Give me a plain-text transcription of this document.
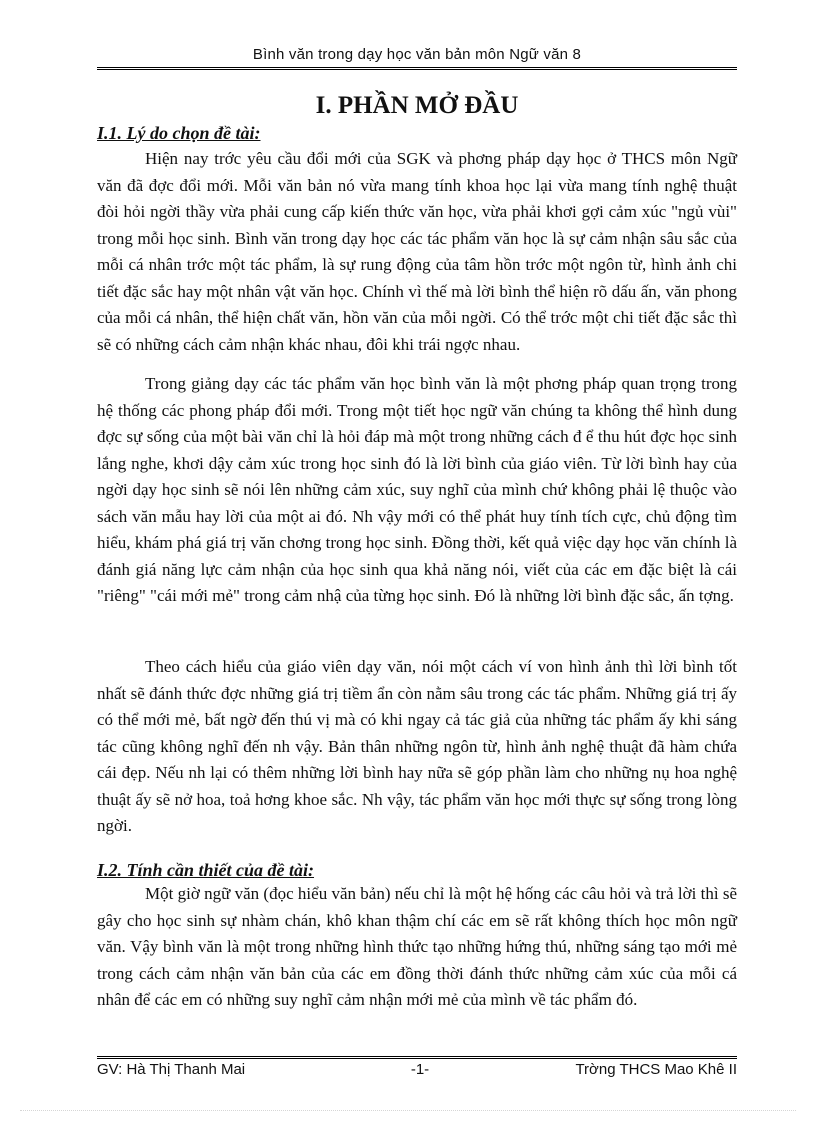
Bình văn trong dạy học văn bản môn Ngữ văn 8
I. PHẦN MỞ ĐẦU
I.1. Lý do chọn đề tài:

Hiện nay trớc yêu cầu đổi mới của SGK và phơng pháp dạy học ở THCS môn Ngữ văn đã đợc đổi mới. Mỗi văn bản nó vừa mang tính khoa học lại vừa mang tính nghệ thuật đòi hỏi ngời thầy vừa phải cung cấp kiến thức văn học, vừa phải khơi gợi cảm xúc "ngủ vùi" trong mỗi học sinh. Bình văn trong dạy học các tác phẩm văn học là sự cảm nhận sâu sắc của mỗi cá nhân trớc một tác phẩm, là sự rung động của tâm hồn trớc một ngôn từ, hình ảnh chi tiết đặc sắc hay một nhân vật văn học. Chính vì thế mà lời bình thể hiện rõ dấu ấn, văn phong của mỗi cá nhân, thể hiện chất văn, hồn văn của mỗi ngời. Có thể trớc một chi tiết đặc sắc thì sẽ có những cách cảm nhận khác nhau, đôi khi trái ngợc nhau.

Trong giảng dạy các tác phẩm văn học bình văn là một phơng pháp quan trọng trong hệ thống các phong pháp đổi mới. Trong một tiết học ngữ văn chúng ta không thể hình dung đợc sự sống của một bài văn chỉ là hỏi đáp mà một trong những cách đ ể thu hút đợc học sinh lắng nghe, khơi dậy cảm xúc trong học sinh đó là lời bình của giáo viên. Từ lời bình hay của ngời dạy học sinh sẽ nói lên những cảm xúc, suy nghĩ của mình chứ không phải lệ thuộc vào sách văn mẫu hay lời của một ai đó. Nh vậy mới có thể phát huy tính tích cực, chủ động tìm hiểu, khám phá giá trị văn chơng trong học sinh. Đồng thời, kết quả việc dạy học văn chính là đánh giá năng lực cảm nhận của học sinh qua khả năng nói, viết của các em đặc biệt là cái "riêng" "cái mới mẻ" trong cảm nhậ của từng học sinh. Đó là những lời bình đặc sắc, ấn tợng.

Theo cách hiểu của giáo viên dạy văn, nói một cách ví von hình ảnh thì lời bình tốt nhất sẽ đánh thức đợc những giá trị tiềm ẩn còn nằm sâu trong các tác phẩm. Những giá trị ấy có thể mới mẻ, bất ngờ đến thú vị mà có khi ngay cả tác giả của những tác phẩm ấy khi sáng tác cũng không nghĩ đến nh vậy. Bản thân những ngôn từ, hình ảnh nghệ thuật đã hàm chứa cái đẹp. Nếu nh lại có thêm những lời bình hay nữa sẽ góp phần làm cho những nụ hoa nghệ thuật ấy sẽ nở hoa, toả hơng khoe sắc. Nh vậy, tác phẩm văn học mới thực sự sống trong lòng ngời.

I.2. Tính cần thiết của đề tài:

Một giờ ngữ văn (đọc hiểu văn bản) nếu chỉ là một hệ hống các câu hỏi và trả lời thì sẽ gây cho học sinh sự nhàm chán, khô khan thậm chí các em sẽ rất không thích học môn ngữ văn. Vậy bình văn là một trong những hình thức tạo những hứng thú, những sáng tạo mới mẻ trong cách cảm nhận văn bản của các em đồng thời đánh thức những cảm xúc của mỗi cá nhân để các em có những suy nghĩ cảm nhận mới mẻ của mình về tác phẩm đó.

GV: Hà Thị Thanh Mai	-1-	Trờng THCS Mao Khê II
